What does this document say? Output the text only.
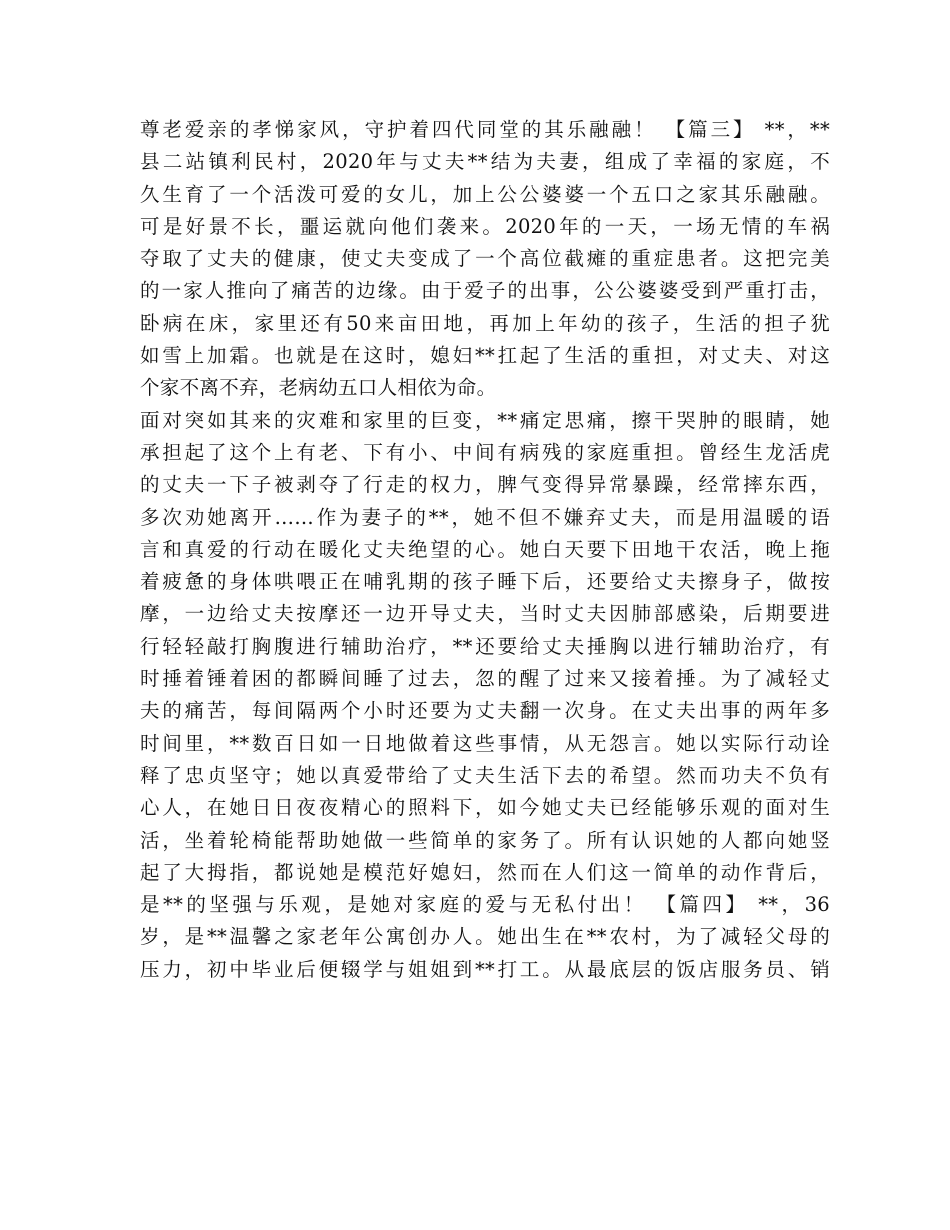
尊老爱亲的孝悌家风，守护着四代同堂的其乐融融！ 【篇三】 **，**
县二站镇利民村，2020年与丈夫**结为夫妻，组成了幸福的家庭，不
久生育了一个活泼可爱的女儿，加上公公婆婆一个五口之家其乐融融。
可是好景不长，噩运就向他们袭来。2020年的一天，一场无情的车祸
夺取了丈夫的健康，使丈夫变成了一个高位截瘫的重症患者。这把完美
的一家人推向了痛苦的边缘。由于爱子的出事，公公婆婆受到严重打击，
卧病在床，家里还有50来亩田地，再加上年幼的孩子，生活的担子犹
如雪上加霜。也就是在这时，媳妇**扛起了生活的重担，对丈夫、对这
个家不离不弃，老病幼五口人相依为命。
面对突如其来的灾难和家里的巨变，**痛定思痛，擦干哭肿的眼睛，她
承担起了这个上有老、下有小、中间有病残的家庭重担。曾经生龙活虎
的丈夫一下子被剥夺了行走的权力，脾气变得异常暴躁，经常摔东西，
多次劝她离开……作为妻子的**，她不但不嫌弃丈夫，而是用温暖的语
言和真爱的行动在暖化丈夫绝望的心。她白天要下田地干农活，晚上拖
着疲惫的身体哄喂正在哺乳期的孩子睡下后，还要给丈夫擦身子，做按
摩，一边给丈夫按摩还一边开导丈夫，当时丈夫因肺部感染，后期要进
行轻轻敲打胸腹进行辅助治疗，**还要给丈夫捶胸以进行辅助治疗，有
时捶着锤着困的都瞬间睡了过去，忽的醒了过来又接着捶。为了减轻丈
夫的痛苦，每间隔两个小时还要为丈夫翻一次身。在丈夫出事的两年多
时间里，**数百日如一日地做着这些事情，从无怨言。她以实际行动诠
释了忠贞坚守；她以真爱带给了丈夫生活下去的希望。然而功夫不负有
心人，在她日日夜夜精心的照料下，如今她丈夫已经能够乐观的面对生
活，坐着轮椅能帮助她做一些简单的家务了。所有认识她的人都向她竖
起了大拇指，都说她是模范好媳妇，然而在人们这一简单的动作背后，
是**的坚强与乐观，是她对家庭的爱与无私付出！ 【篇四】 **，36
岁，是**温馨之家老年公寓创办人。她出生在**农村，为了减轻父母的
压力，初中毕业后便辍学与姐姐到**打工。从最底层的饭店服务员、销
